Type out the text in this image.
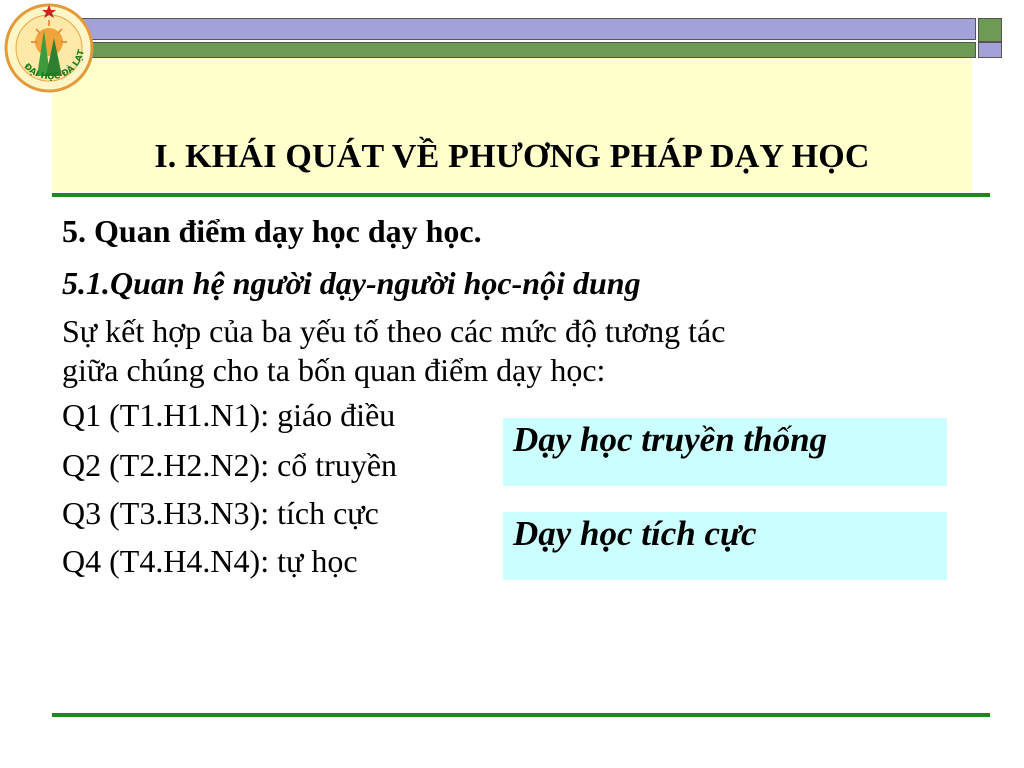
ĐẠI HỌC ĐÀ LẠT
I. KHÁI QUÁT VỀ PHƯƠNG PHÁP DẠY HỌC
5. Quan điểm dạy học dạy học.
5.1.Quan hệ người dạy-người học-nội dung
Sự kết hợp của ba yếu tố theo các mức độ tương tác
giữa chúng cho ta bốn quan điểm dạy học:
Q1 (T1.H1.N1): giáo điều
Dạy học truyền thống
Q2 (T2.H2.N2): cổ truyền
Q3 (T3.H3.N3): tích cực
Dạy học tích cực
Q4 (T4.H4.N4): tự học
